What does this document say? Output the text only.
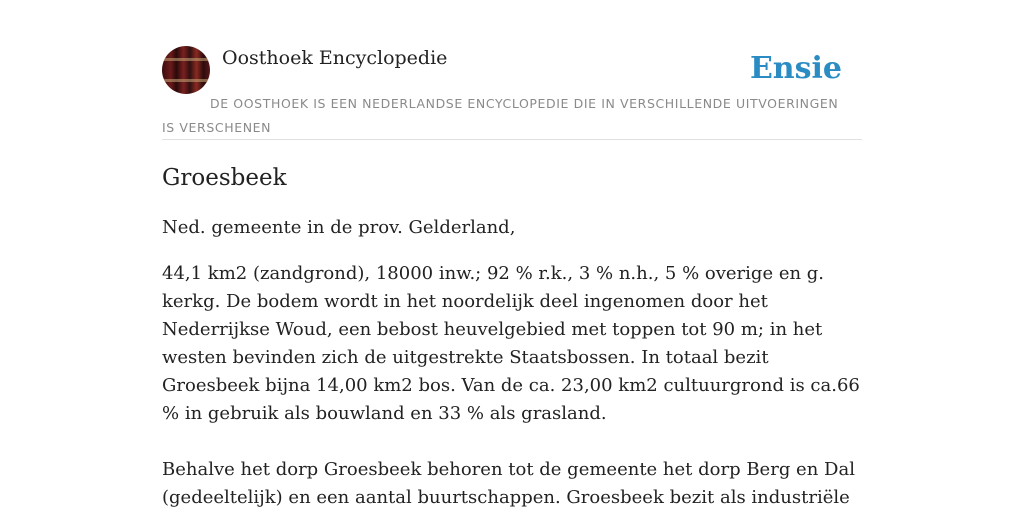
Oosthoek Encyclopedie	Ensie
DE OOSTHOEK IS EEN NEDERLANDSE ENCYCLOPEDIE DIE IN VERSCHILLENDE UITVOERINGEN IS VERSCHENEN
Groesbeek

Ned. gemeente in de prov. Gelderland,

44,1 km2 (zandgrond), 18000 inw.; 92 % r.k., 3 % n.h., 5 % overige en g. kerkg. De bodem wordt in het noordelijk deel ingenomen door het Nederrijkse Woud, een bebost heuvelgebied met toppen tot 90 m; in het westen bevinden zich de uitgestrekte Staatsbossen. In totaal bezit Groesbeek bijna 14,00 km2 bos. Van de ca. 23,00 km2 cultuurgrond is ca.66 % in gebruik als bouwland en 33 % als grasland.

Behalve het dorp Groesbeek behoren tot de gemeente het dorp Berg en Dal (gedeeltelijk) en een aantal buurtschappen. Groesbeek bezit als industriële
